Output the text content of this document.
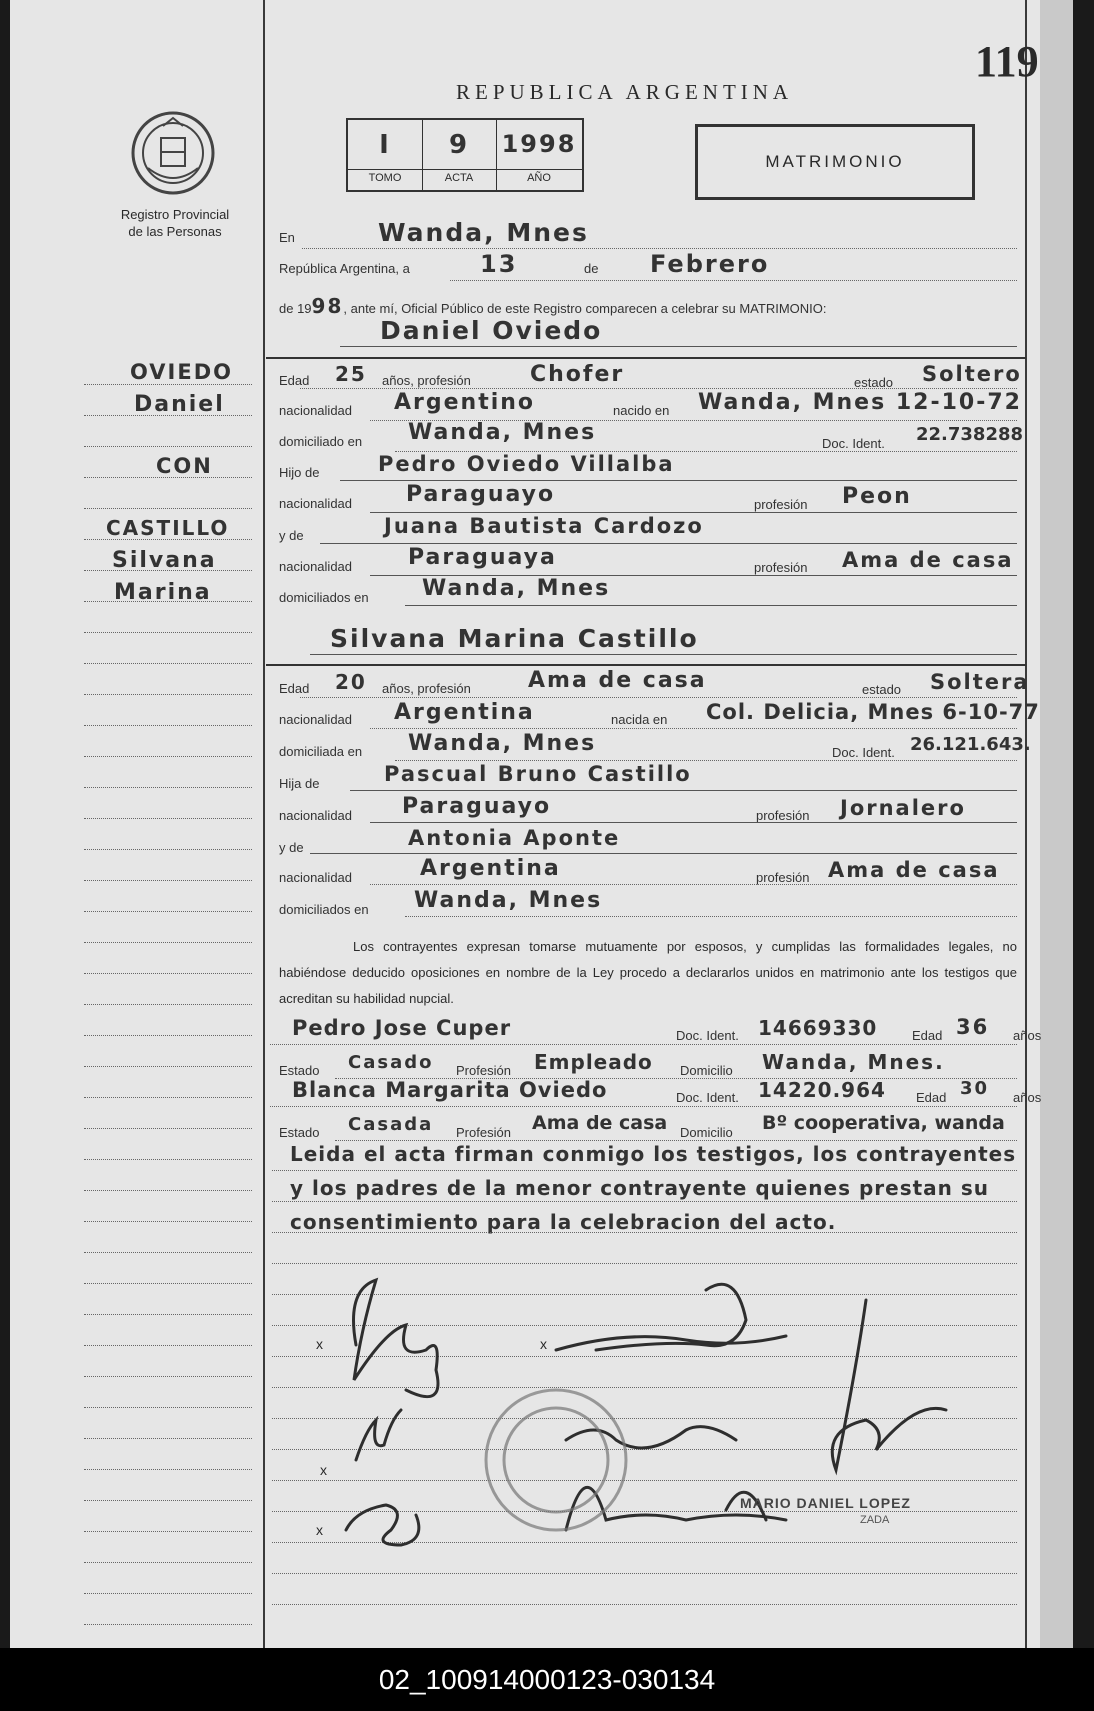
119
REPUBLICA ARGENTINA
I	9	1998
TOMO	ACTA	AÑO
MATRIMONIO
Registro Provincial
de las Personas
OVIEDO
Daniel
CON
CASTILLO
Silvana
Marina
En	Wanda, Mnes
República Argentina, a	13	de Febrero
de 1998, ante mí, Oficial Público de este Registro comparecen a celebrar su MATRIMONIO:
Daniel Oviedo
Edad 25 años, profesión	Chofer	estado Soltero
nacionalidad Argentino	nacido en Wanda, Mnes 12-10-72
domiciliado en Wanda, Mnes	Doc. Ident. 22.738288
Hijo de	Pedro Oviedo Villalba
nacionalidad Paraguayo	profesión Peon
y de	Juana Bautista Cardozo
nacionalidad	Paraguaya	profesión Ama de casa
domiciliados en Wanda, Mnes
Silvana Marina Castillo
Edad 20 años, profesión	Ama de casa	estado Soltera
nacionalidad Argentina	nacida en Col. Delicia, Mnes 6-10-77
domiciliada en Wanda, Mnes	Doc. Ident. 26.121.643.
Hija de	Pascual Bruno Castillo
nacionalidad Paraguayo	profesión Jornalero
y de	Antonia Aponte
nacionalidad	Argentina	profesión Ama de casa
domiciliados en Wanda, Mnes
Los contrayentes expresan tomarse mutuamente por esposos, y cumplidas las formalidades legales, no habiéndose deducido oposiciones en nombre de la Ley procedo a declararlos unidos en matrimonio ante los testigos que acreditan su habilidad nupcial.
Pedro Jose Cuper	Doc. Ident. 14669330	Edad 36 años
Estado Casado Profesión Empleado Domicilio Wanda, Mnes.
Blanca Margarita Oviedo	Doc. Ident. 14220.964 Edad 30 años
Estado Casada Profesión Ama de casa Domicilio Bº cooperativa, wanda
Leida el acta firman conmigo los testigos, los contrayentes
y los padres de la menor contrayente quienes prestan su
consentimiento para la celebracion del acto.
MARIO DANIEL LOPEZ
ZADA
x	x
x
x
02_100914000123-030134
